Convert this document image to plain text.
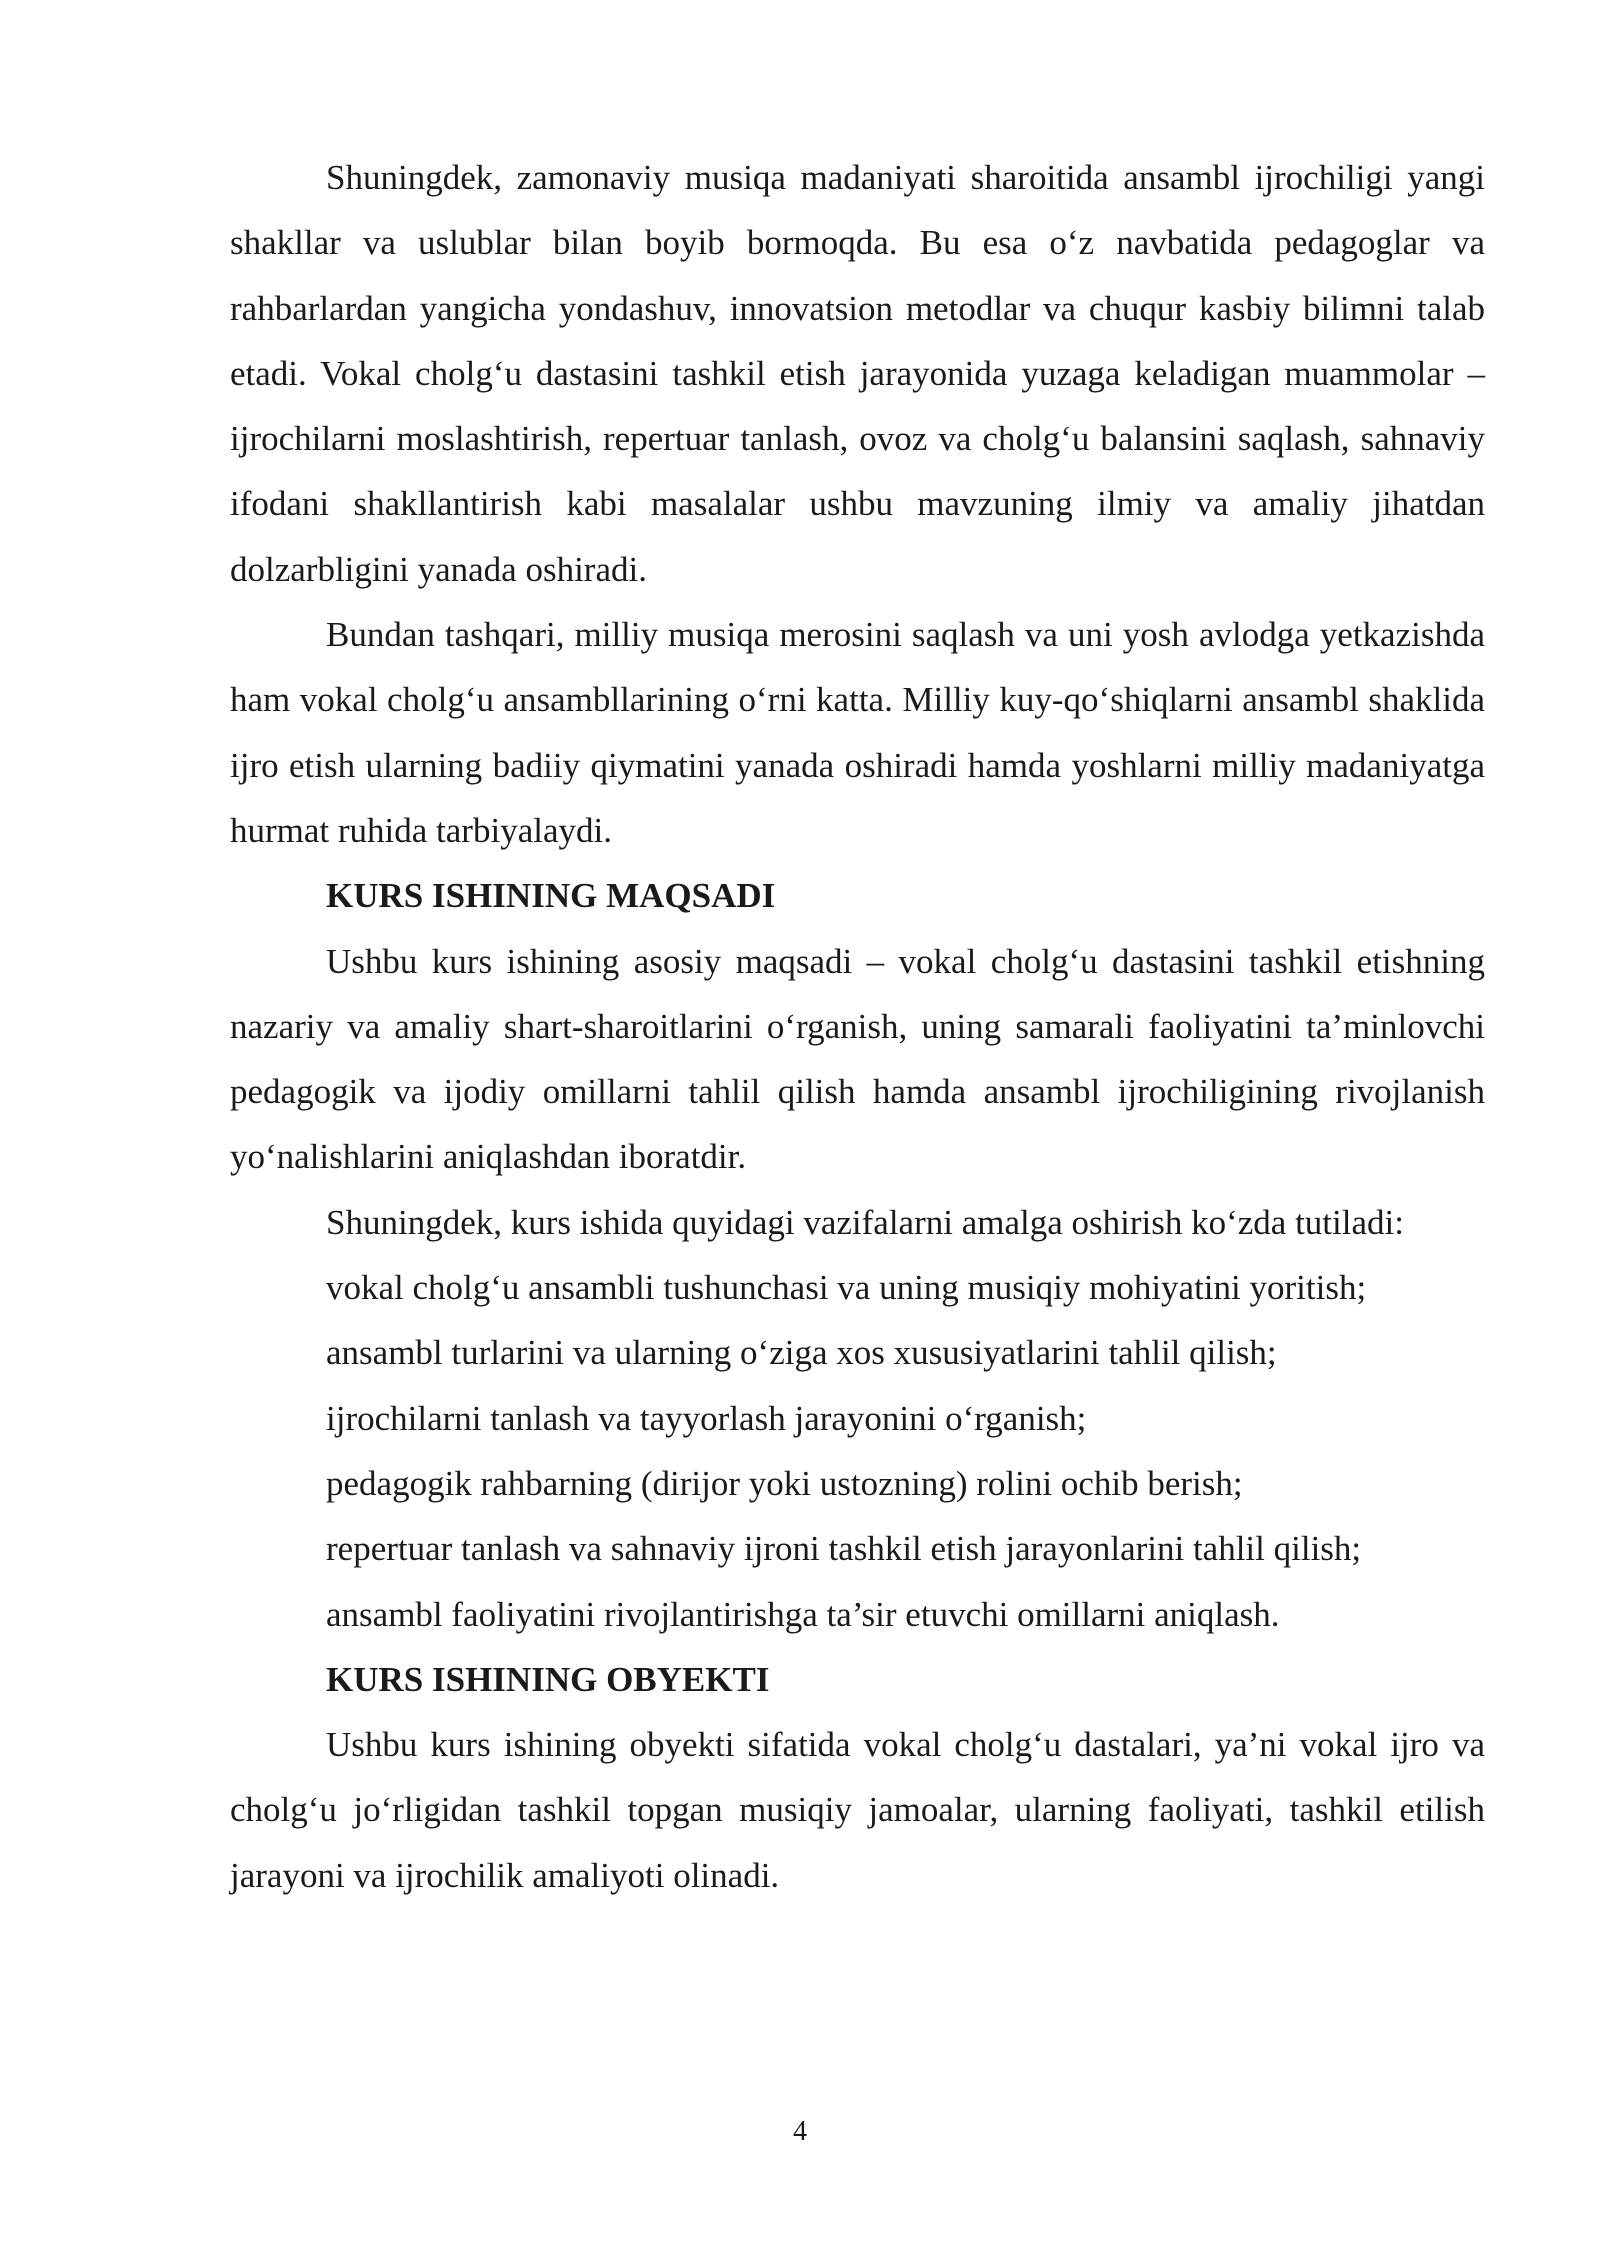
Shuningdek, zamonaviy musiqa madaniyati sharoitida ansambl ijrochiligi yangi shakllar va uslublar bilan boyib bormoqda. Bu esa o‘z navbatida pedagoglar va rahbarlardan yangicha yondashuv, innovatsion metodlar va chuqur kasbiy bilimni talab etadi. Vokal cholg‘u dastasini tashkil etish jarayonida yuzaga keladigan muammolar – ijrochilarni moslashtirish, repertuar tanlash, ovoz va cholg‘u balansini saqlash, sahnaviy ifodani shakllantirish kabi masalalar ushbu mavzuning ilmiy va amaliy jihatdan dolzarbligini yanada oshiradi.

Bundan tashqari, milliy musiqa merosini saqlash va uni yosh avlodga yetkazishda ham vokal cholg‘u ansambllarining o‘rni katta. Milliy kuy-qo‘shiqlarni ansambl shaklida ijro etish ularning badiiy qiymatini yanada oshiradi hamda yoshlarni milliy madaniyatga hurmat ruhida tarbiyalaydi.

KURS ISHINING MAQSADI

Ushbu kurs ishining asosiy maqsadi – vokal cholg‘u dastasini tashkil etishning nazariy va amaliy shart-sharoitlarini o‘rganish, uning samarali faoliyatini ta’minlovchi pedagogik va ijodiy omillarni tahlil qilish hamda ansambl ijrochiligining rivojlanish yo‘nalishlarini aniqlashdan iboratdir.

Shuningdek, kurs ishida quyidagi vazifalarni amalga oshirish ko‘zda tutiladi:

vokal cholg‘u ansambli tushunchasi va uning musiqiy mohiyatini yoritish;
ansambl turlarini va ularning o‘ziga xos xususiyatlarini tahlil qilish;
ijrochilarni tanlash va tayyorlash jarayonini o‘rganish;
pedagogik rahbarning (dirijor yoki ustozning) rolini ochib berish;
repertuar tanlash va sahnaviy ijroni tashkil etish jarayonlarini tahlil qilish;
ansambl faoliyatini rivojlantirishga ta’sir etuvchi omillarni aniqlash.

KURS ISHINING OBYEKTI

Ushbu kurs ishining obyekti sifatida vokal cholg‘u dastalari, ya’ni vokal ijro va cholg‘u jo‘rligidan tashkil topgan musiqiy jamoalar, ularning faoliyati, tashkil etilish jarayoni va ijrochilik amaliyoti olinadi.

4
